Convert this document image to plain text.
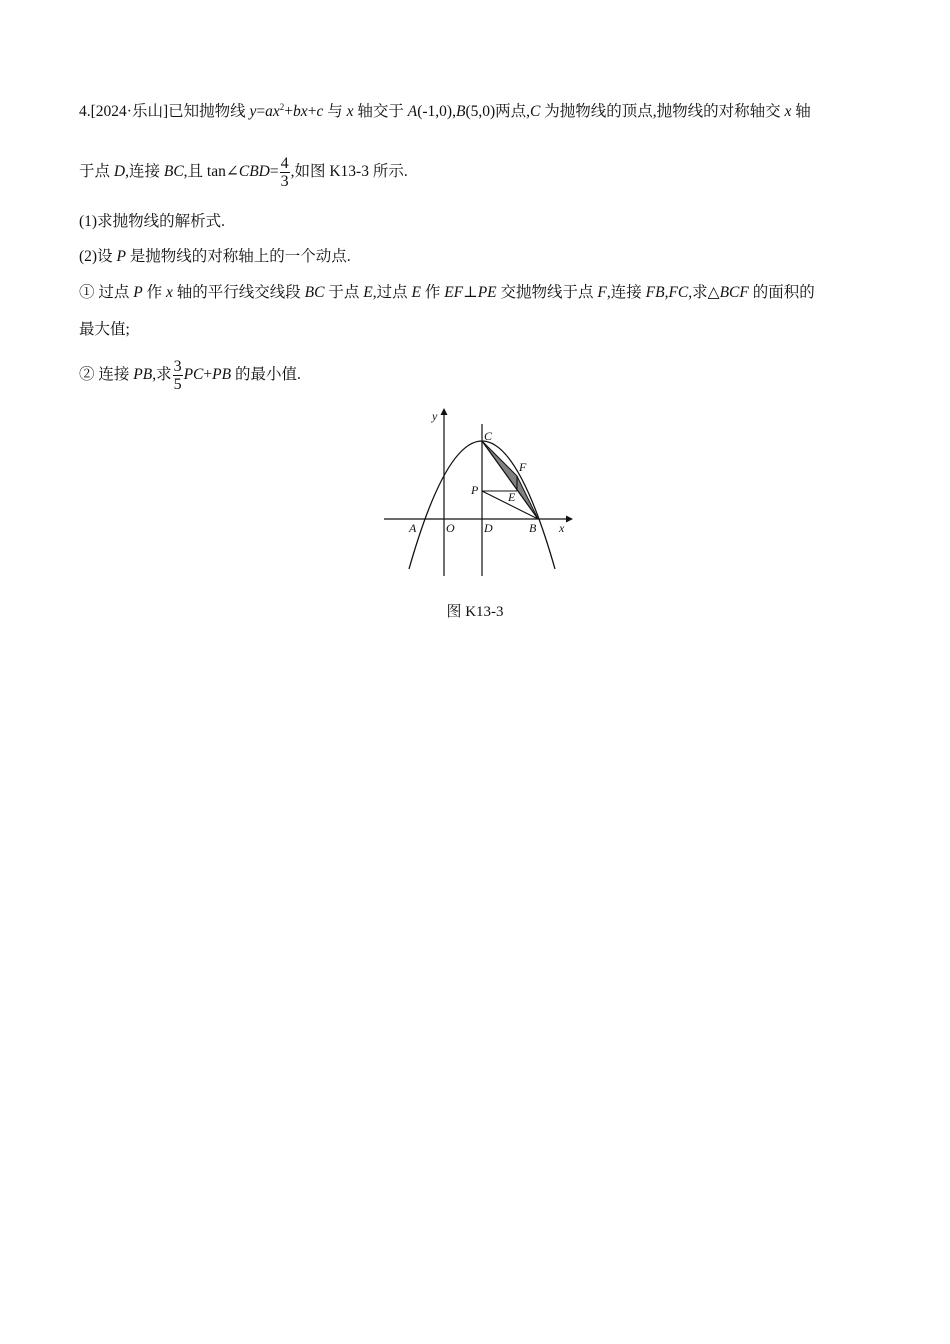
4.[2024·乐山]已知抛物线 $y=ax^2+bx+c$ 与 x 轴交于 A(-1,0),B(5,0)两点,C 为抛物线的顶点,抛物线的对称轴交 x 轴
于点 D,连接 BC,且 tan∠CBD= $\frac{4}{3}$ ,如图 K13-3 所示.
(1)求抛物线的解析式.
(2)设 P 是抛物线的对称轴上的一个动点.
① 过点 P 作 x 轴的平行线交线段 BC 于点 E,过点 E 作 EF⊥PE 交抛物线于点 F,连接 FB,FC,求△BCF 的面积的
最大值;
② 连接 PB,求 $\frac{3}{5} PC+PB$ 的最小值.
y
x
A O D	B
C
P E
F
图 K13-3
